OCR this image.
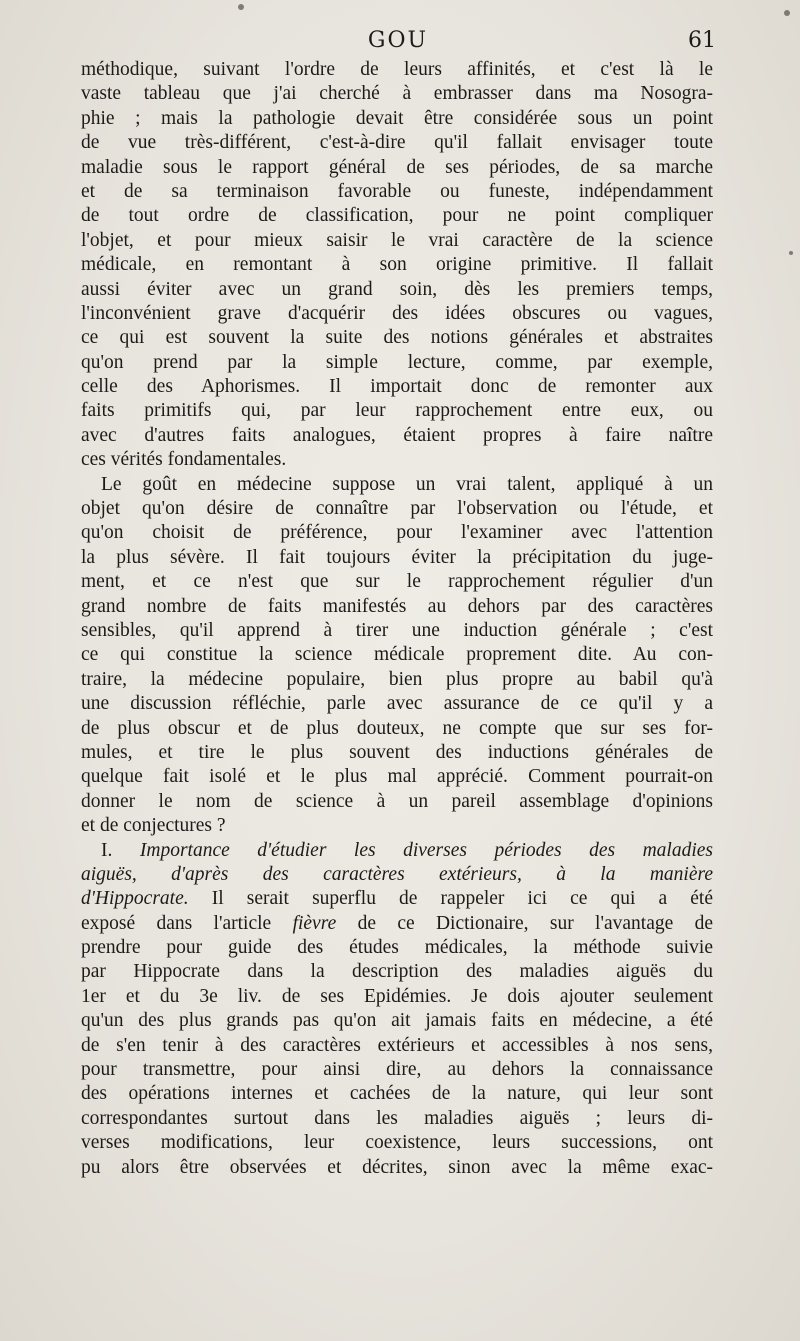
GOU	61
méthodique, suivant l'ordre de leurs affinités, et c'est là le
vaste tableau que j'ai cherché à embrasser dans ma Nosogra-
phie ; mais la pathologie devait être considérée sous un point
de vue très-différent, c'est-à-dire qu'il fallait envisager toute
maladie sous le rapport général de ses périodes, de sa marche
et de sa terminaison favorable ou funeste, indépendamment
de tout ordre de classification, pour ne point compliquer
l'objet, et pour mieux saisir le vrai caractère de la science
médicale, en remontant à son origine primitive. Il fallait
aussi éviter avec un grand soin, dès les premiers temps,
l'inconvénient grave d'acquérir des idées obscures ou vagues,
ce qui est souvent la suite des notions générales et abstraites
qu'on prend par la simple lecture, comme, par exemple,
celle des Aphorismes. Il importait donc de remonter aux
faits primitifs qui, par leur rapprochement entre eux, ou
avec d'autres faits analogues, étaient propres à faire naître
ces vérités fondamentales.
Le goût en médecine suppose un vrai talent, appliqué à un
objet qu'on désire de connaître par l'observation ou l'étude, et
qu'on choisit de préférence, pour l'examiner avec l'attention
la plus sévère. Il fait toujours éviter la précipitation du juge-
ment, et ce n'est que sur le rapprochement régulier d'un
grand nombre de faits manifestés au dehors par des caractères
sensibles, qu'il apprend à tirer une induction générale ; c'est
ce qui constitue la science médicale proprement dite. Au con-
traire, la médecine populaire, bien plus propre au babil qu'à
une discussion réfléchie, parle avec assurance de ce qu'il y a
de plus obscur et de plus douteux, ne compte que sur ses for-
mules, et tire le plus souvent des inductions générales de
quelque fait isolé et le plus mal apprécié. Comment pourrait-on
donner le nom de science à un pareil assemblage d'opinions
et de conjectures ?
I. Importance d'étudier les diverses périodes des maladies
aiguës, d'après des caractères extérieurs, à la manière
d'Hippocrate. Il serait superflu de rappeler ici ce qui a été
exposé dans l'article fièvre de ce Dictionaire, sur l'avantage de
prendre pour guide des études médicales, la méthode suivie
par Hippocrate dans la description des maladies aiguës du
1er et du 3e liv. de ses Epidémies. Je dois ajouter seulement
qu'un des plus grands pas qu'on ait jamais faits en médecine, a été
de s'en tenir à des caractères extérieurs et accessibles à nos sens,
pour transmettre, pour ainsi dire, au dehors la connaissance
des opérations internes et cachées de la nature, qui leur sont
correspondantes surtout dans les maladies aiguës ; leurs di-
verses modifications, leur coexistence, leurs successions, ont
pu alors être observées et décrites, sinon avec la même exac-
